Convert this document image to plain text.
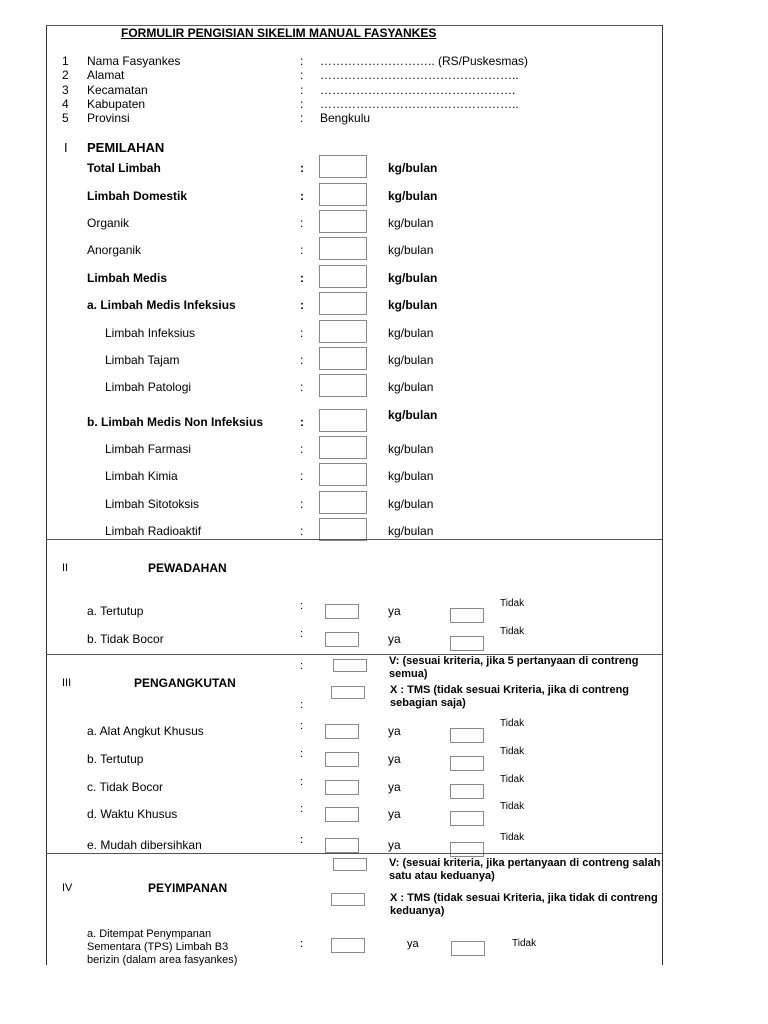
FORMULIR PENGISIAN SIKELIM MANUAL FASYANKES
1 Nama Fasyankes	: ……………………….. (RS/Puskesmas)
2 Alamat	: …………………………………………..
3 Kecamatan	: ………………………………………….
4 Kabupaten	: …………………………………………..
5 Provinsi	: Bengkulu
I PEMILAHAN
Total Limbah	:	kg/bulan
Limbah Domestik	:	kg/bulan
Organik	:	kg/bulan
Anorganik	:	kg/bulan
Limbah Medis	:	kg/bulan
a. Limbah Medis Infeksius	:	kg/bulan
Limbah Infeksius	:	kg/bulan
Limbah Tajam	:	kg/bulan
Limbah Patologi	:	kg/bulan
b. Limbah Medis Non Infeksius	:	kg/bulan
Limbah Farmasi	:	kg/bulan
Limbah Kimia	:	kg/bulan
Limbah Sitotoksis	:	kg/bulan
Limbah Radioaktif	:	kg/bulan
II	PEWADAHAN
a. Tertutup	:	ya
Tidak
b. Tidak Bocor	:	ya
Tidak
III	PENGANGKUTAN
:
:
V: (sesuai kriteria, jika 5 pertanyaan di contreng semua)
X : TMS (tidak sesuai Kriteria, jika di contreng sebagian saja)
a. Alat Angkut Khusus	:	ya
Tidak
b. Tertutup	:	ya
Tidak
c. Tidak Bocor	:	ya
Tidak
d. Waktu Khusus	:	ya
Tidak
e. Mudah dibersihkan	:	ya
Tidak
IV	PEYIMPANAN
V: (sesuai kriteria, jika pertanyaan di contreng salah satu atau keduanya)
X : TMS (tidak sesuai Kriteria, jika tidak di contreng keduanya)
a. Ditempat Penympanan Sementara (TPS) Limbah B3 berizin (dalam area fasyankes)
:	ya	Tidak
